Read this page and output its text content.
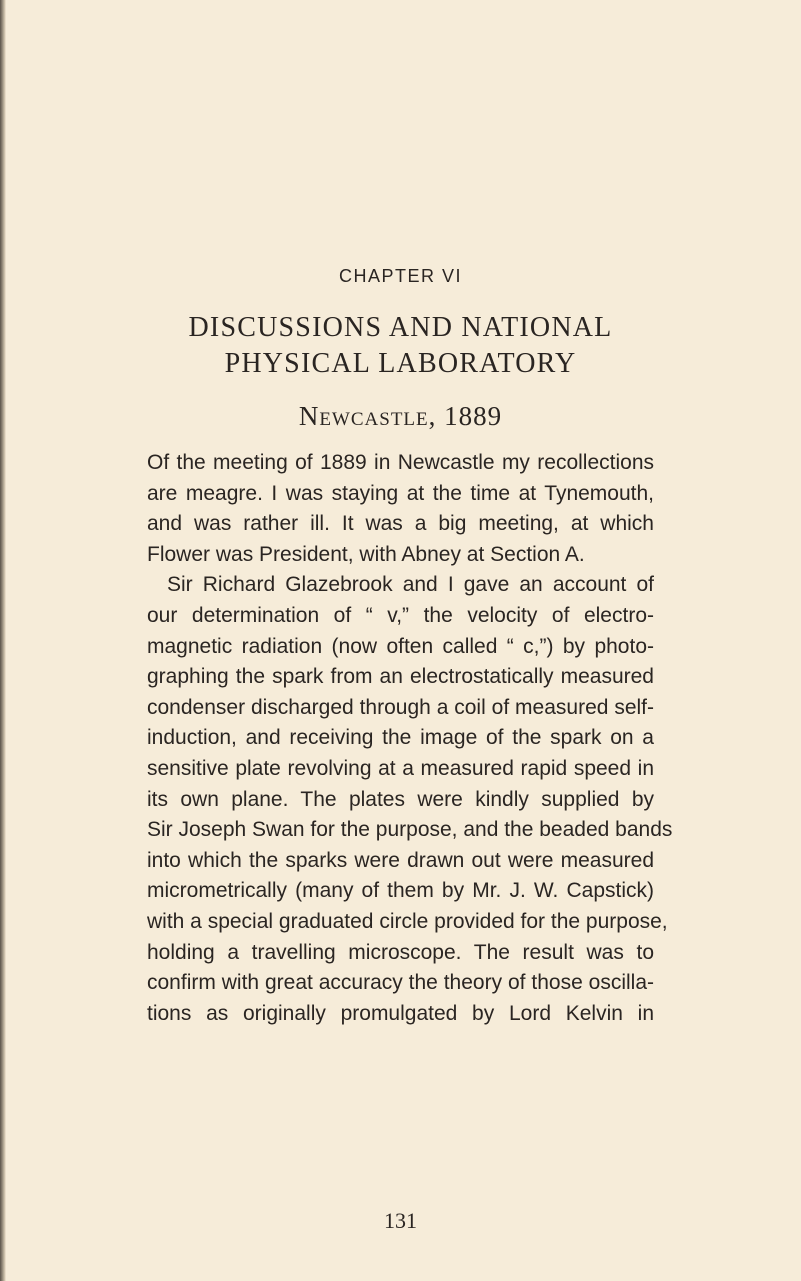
CHAPTER VI
DISCUSSIONS AND NATIONAL
PHYSICAL LABORATORY
Newcastle, 1889
Of the meeting of 1889 in Newcastle my recollections
are meagre. I was staying at the time at Tynemouth,
and was rather ill. It was a big meeting, at which
Flower was President, with Abney at Section A.
Sir Richard Glazebrook and I gave an account of
our determination of “ v,” the velocity of electro-
magnetic radiation (now often called “ c,”) by photo-
graphing the spark from an electrostatically measured
condenser discharged through a coil of measured self-
induction, and receiving the image of the spark on a
sensitive plate revolving at a measured rapid speed in
its own plane. The plates were kindly supplied by
Sir Joseph Swan for the purpose, and the beaded bands
into which the sparks were drawn out were measured
micrometrically (many of them by Mr. J. W. Capstick)
with a special graduated circle provided for the purpose,
holding a travelling microscope. The result was to
confirm with great accuracy the theory of those oscilla-
tions as originally promulgated by Lord Kelvin in
131
